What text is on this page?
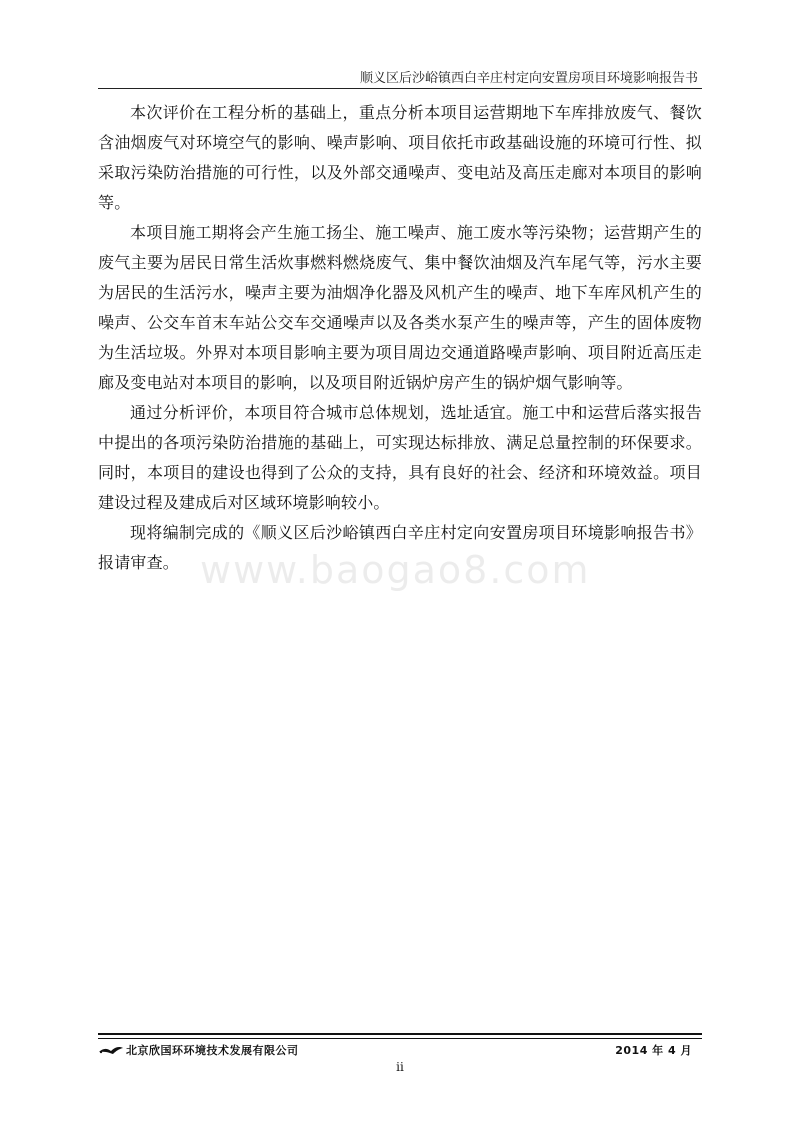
顺义区后沙峪镇西白辛庄村定向安置房项目环境影响报告书

本次评价在工程分析的基础上，重点分析本项目运营期地下车库排放废气、餐饮含油烟废气对环境空气的影响、噪声影响、项目依托市政基础设施的环境可行性、拟采取污染防治措施的可行性，以及外部交通噪声、变电站及高压走廊对本项目的影响等。

本项目施工期将会产生施工扬尘、施工噪声、施工废水等污染物；运营期产生的废气主要为居民日常生活炊事燃料燃烧废气、集中餐饮油烟及汽车尾气等，污水主要为居民的生活污水，噪声主要为油烟净化器及风机产生的噪声、地下车库风机产生的噪声、公交车首末车站公交车交通噪声以及各类水泵产生的噪声等，产生的固体废物为生活垃圾。外界对本项目影响主要为项目周边交通道路噪声影响、项目附近高压走廊及变电站对本项目的影响，以及项目附近锅炉房产生的锅炉烟气影响等。

通过分析评价，本项目符合城市总体规划，选址适宜。施工中和运营后落实报告中提出的各项污染防治措施的基础上，可实现达标排放、满足总量控制的环保要求。同时，本项目的建设也得到了公众的支持，具有良好的社会、经济和环境效益。项目建设过程及建成后对区域环境影响较小。

现将编制完成的《顺义区后沙峪镇西白辛庄村定向安置房项目环境影响报告书》报请审查。 www.baogao8.com
北京欣国环环境技术发展有限公司	2014 年 4 月
ii
